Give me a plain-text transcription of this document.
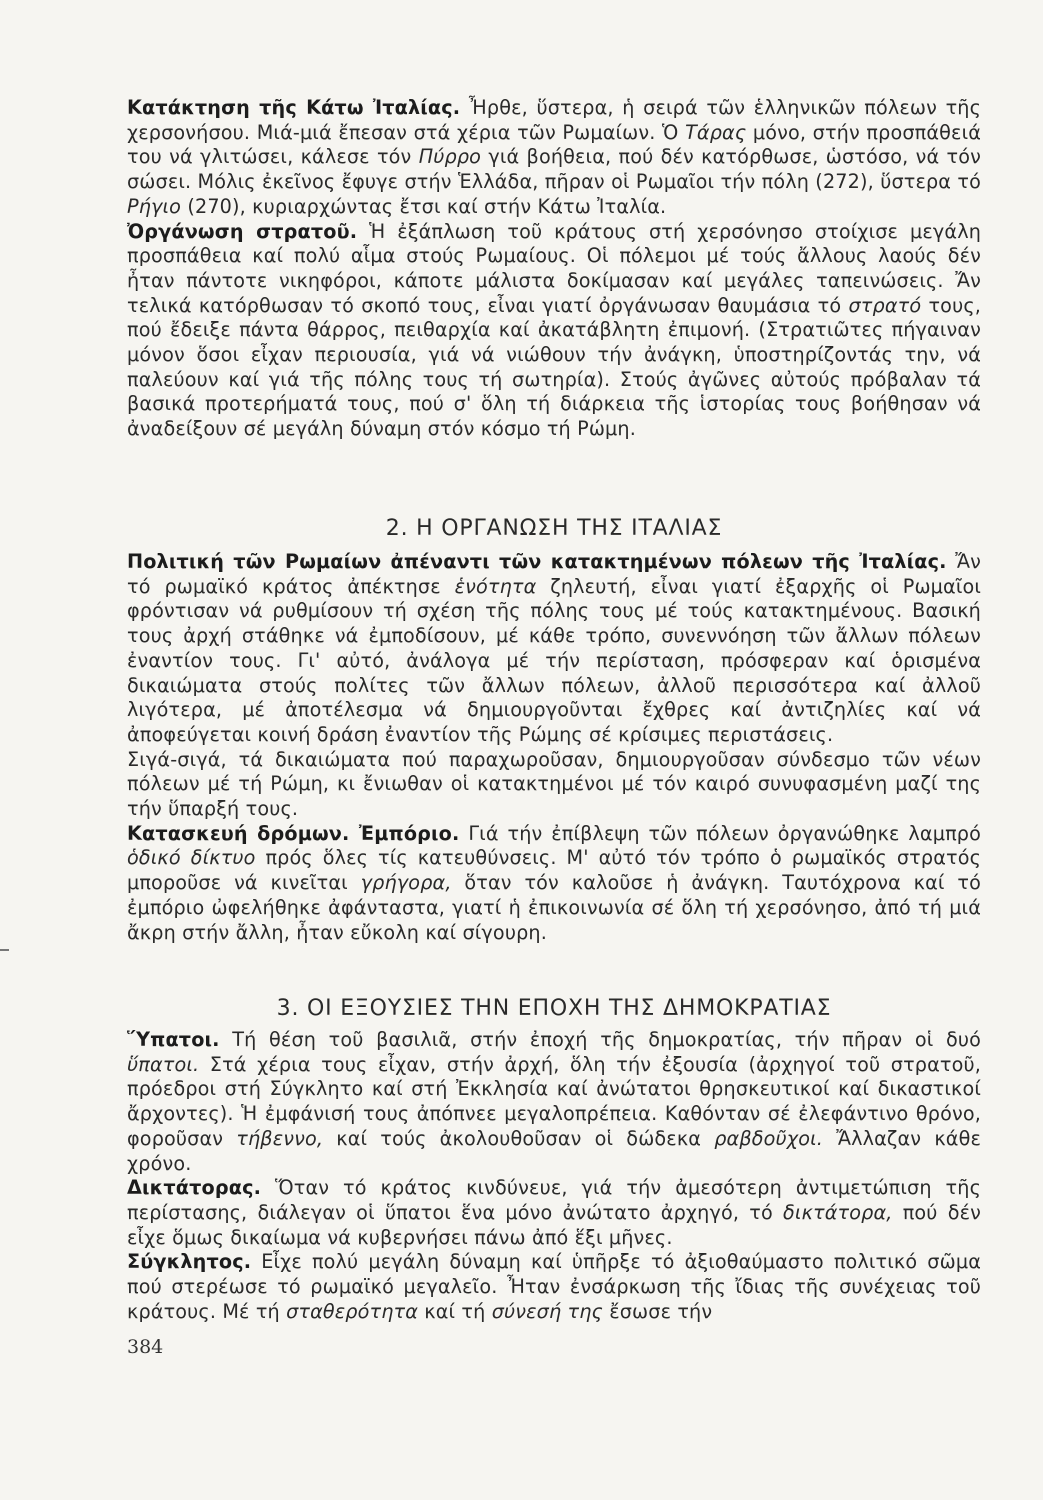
Κατάκτηση τῆς Κάτω Ἰταλίας. Ἦρθε, ὕστερα, ἡ σειρά τῶν ἑλληνικῶν πόλεων τῆς χερσονήσου. Μιά-μιά ἔπεσαν στά χέρια τῶν Ρωμαίων. Ὁ Τάρας μόνο, στήν προσπάθειά του νά γλιτώσει, κάλεσε τόν Πύρρο γιά βοήθεια, πού δέν κατόρθωσε, ὡστόσο, νά τόν σώσει. Μόλις ἐκεῖνος ἔφυγε στήν Ἑλλάδα, πῆραν οἱ Ρωμαῖοι τήν πόλη (272), ὕστερα τό Ρήγιο (270), κυριαρχώντας ἔτσι καί στήν Κάτω Ἰταλία.

Ὀργάνωση στρατοῦ. Ἡ ἐξάπλωση τοῦ κράτους στή χερσόνησο στοίχισε μεγάλη προσπάθεια καί πολύ αἷμα στούς Ρωμαίους. Οἱ πόλεμοι μέ τούς ἄλλους λαούς δέν ἦταν πάντοτε νικηφόροι, κάποτε μάλιστα δοκίμασαν καί μεγάλες ταπεινώσεις. Ἄν τελικά κατόρθωσαν τό σκοπό τους, εἶναι γιατί ὀργάνωσαν θαυμάσια τό στρατό τους, πού ἔδειξε πάντα θάρρος, πειθαρχία καί ἀκατάβλητη ἐπιμονή. (Στρατιῶτες πήγαιναν μόνον ὅσοι εἶχαν περιουσία, γιά νά νιώθουν τήν ἀνάγκη, ὑποστηρίζοντάς την, νά παλεύουν καί γιά τῆς πόλης τους τή σωτηρία). Στούς ἀγῶνες αὐτούς πρόβαλαν τά βασικά προτερήματά τους, πού σ' ὅλη τή διάρκεια τῆς ἱστορίας τους βοήθησαν νά ἀναδείξουν σέ μεγάλη δύναμη στόν κόσμο τή Ρώμη.

2. Η ΟΡΓΑΝΩΣΗ ΤΗΣ ΙΤΑΛΙΑΣ

Πολιτική τῶν Ρωμαίων ἀπέναντι τῶν κατακτημένων πόλεων τῆς Ἰταλίας. Ἄν τό ρωμαϊκό κράτος ἀπέκτησε ἑνότητα ζηλευτή, εἶναι γιατί ἐξαρχῆς οἱ Ρωμαῖοι φρόντισαν νά ρυθμίσουν τή σχέση τῆς πόλης τους μέ τούς κατακτημένους. Βασική τους ἀρχή στάθηκε νά ἐμποδίσουν, μέ κάθε τρόπο, συνεννόηση τῶν ἄλλων πόλεων ἐναντίον τους. Γι' αὐτό, ἀνάλογα μέ τήν περίσταση, πρόσφεραν καί ὁρισμένα δικαιώματα στούς πολίτες τῶν ἄλλων πόλεων, ἀλλοῦ περισσότερα καί ἀλλοῦ λιγότερα, μέ ἀποτέλεσμα νά δημιουργοῦνται ἔχθρες καί ἀντιζηλίες καί νά ἀποφεύγεται κοινή δράση ἐναντίον τῆς Ρώμης σέ κρίσιμες περιστάσεις.

Σιγά-σιγά, τά δικαιώματα πού παραχωροῦσαν, δημιουργοῦσαν σύνδεσμο τῶν νέων πόλεων μέ τή Ρώμη, κι ἔνιωθαν οἱ κατακτημένοι μέ τόν καιρό συνυφασμένη μαζί της τήν ὕπαρξή τους.

Κατασκευή δρόμων. Ἐμπόριο. Γιά τήν ἐπίβλεψη τῶν πόλεων ὀργανώθηκε λαμπρό ὁδικό δίκτυο πρός ὅλες τίς κατευθύνσεις. Μ' αὐτό τόν τρόπο ὁ ρωμαϊκός στρατός μποροῦσε νά κινεῖται γρήγορα, ὅταν τόν καλοῦσε ἡ ἀνάγκη. Ταυτόχρονα καί τό ἐμπόριο ὠφελήθηκε ἀφάνταστα, γιατί ἡ ἐπικοινωνία σέ ὅλη τή χερσόνησο, ἀπό τή μιά ἄκρη στήν ἄλλη, ἦταν εὔκολη καί σίγουρη.

3. ΟΙ ΕΞΟΥΣΙΕΣ ΤΗΝ ΕΠΟΧΗ ΤΗΣ ΔΗΜΟΚΡΑΤΙΑΣ

Ὕπατοι. Τή θέση τοῦ βασιλιᾶ, στήν ἐποχή τῆς δημοκρατίας, τήν πῆραν οἱ δυό ὕπατοι. Στά χέρια τους εἶχαν, στήν ἀρχή, ὅλη τήν ἐξουσία (ἀρχηγοί τοῦ στρατοῦ, πρόεδροι στή Σύγκλητο καί στή Ἐκκλησία καί ἀνώτατοι θρησκευτικοί καί δικαστικοί ἄρχοντες). Ἡ ἐμφάνισή τους ἀπόπνεε μεγαλοπρέπεια. Καθόνταν σέ ἐλεφάντινο θρόνο, φοροῦσαν τήβεννο, καί τούς ἀκολουθοῦσαν οἱ δώδεκα ραβδοῦχοι. Ἄλλαζαν κάθε χρόνο.

Δικτάτορας. Ὅταν τό κράτος κινδύνευε, γιά τήν ἀμεσότερη ἀντιμετώπιση τῆς περίστασης, διάλεγαν οἱ ὕπατοι ἕνα μόνο ἀνώτατο ἀρχηγό, τό δικτάτορα, πού δέν εἶχε ὅμως δικαίωμα νά κυβερνήσει πάνω ἀπό ἕξι μῆνες.

Σύγκλητος. Εἶχε πολύ μεγάλη δύναμη καί ὑπῆρξε τό ἀξιοθαύμαστο πολιτικό σῶμα πού στερέωσε τό ρωμαϊκό μεγαλεῖο. Ἦταν ἐνσάρκωση τῆς ἴδιας τῆς συνέχειας τοῦ κράτους. Μέ τή σταθερότητα καί τή σύνεσή της ἔσωσε τήν

384
